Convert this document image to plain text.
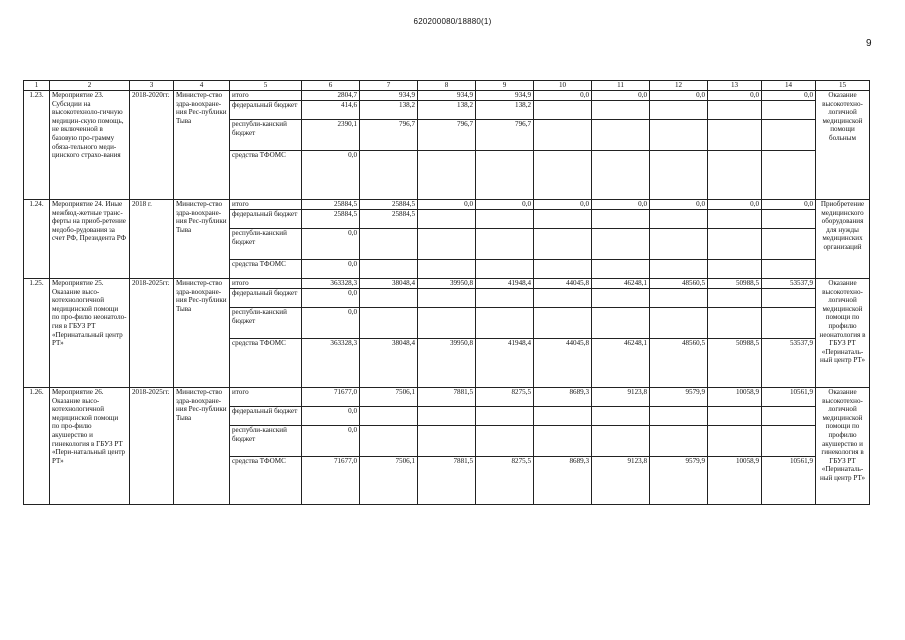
620200080/18880(1)
9
1	2	3	4	5	6	7	8	9	10	11	12	13	14	15
1.23.	Мероприятие 23. Субсидии на высокотехноло-гичную медицин-скую помощь, не включенной в базовую про-грамму обяза-тельного меди-цинского страхо-вания	2018-2020гг.	Министер-ство здра-воохране-ния Рес-публики Тыва	итого	2804,7	934,9	934,9	934,9	0,0	0,0	0,0	0,0	0,0	Оказание высокотехно-логичной медицинской помощи больным
				федеральный бюджет	414,6	138,2	138,2	138,2						
				республи-канский бюджет	2390,1	796,7	796,7	796,7						
				средства ТФОМС	0,0									
1.24.	Мероприятие 24. Иные межбюд-жетные транс-ферты на приоб-ретение медобо-рудования за счет РФ, Президента РФ	2018 г.	Министер-ство здра-воохране-ния Рес-публики Тыва	итого	25884,5	25884,5	0,0	0,0	0,0	0,0	0,0	0,0	0,0	Приобретение медицинского оборудования для нужды медицинских организаций
				федеральный бюджет	25884,5	25884,5								
				республи-канский бюджет	0,0									
				средства ТФОМС	0,0									
1.25.	Мероприятие 25. Оказание высо-котехнологичной медицинской помощи по про-филю неонатоло-гия в ГБУЗ РТ «Перинатальный центр РТ»	2018-2025гг.	Министер-ство здра-воохране-ния Рес-публики Тыва	итого	363328,3	38048,4	39950,8	41948,4	44045,8	46248,1	48560,5	50988,5	53537,9	Оказание высокотехно-логичной медицинской помощи по профилю неонатология в ГБУЗ РТ «Перинаталь-ный центр РТ»
				федеральный бюджет	0,0									
				республи-канский бюджет	0,0									
				средства ТФОМС	363328,3	38048,4	39950,8	41948,4	44045,8	46248,1	48560,5	50988,5	53537,9	
1.26.	Мероприятие 26. Оказание высо-котехнологичной медицинской помощи по про-филю акушерство и гинекология в ГБУЗ РТ «Пери-натальный центр РТ»	2018-2025гг.	Министер-ство здра-воохране-ния Рес-публики Тыва	итого	71677,0	7506,1	7881,5	8275,5	8689,3	9123,8	9579,9	10058,9	10561,9	Оказание высокотехно-логичной медицинской помощи по профилю акушерство и гинекология в ГБУЗ РТ «Перинаталь-ный центр РТ»
				федеральный бюджет	0,0									
				республи-канский бюджет	0,0									
				средства ТФОМС	71677,0	7506,1	7881,5	8275,5	8689,3	9123,8	9579,9	10058,9	10561,9	
